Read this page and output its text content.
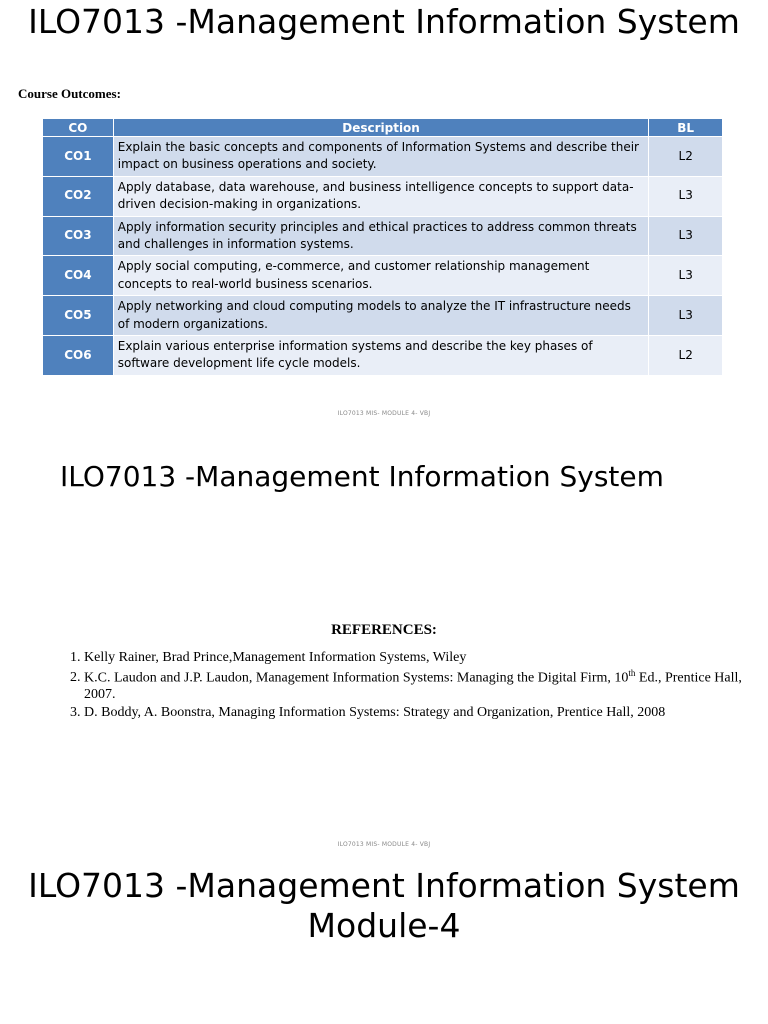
ILO7013 -Management Information System
Course Outcomes:
CO	Description	BL
CO1	Explain the basic concepts and components of Information Systems and describe their impact on business operations and society.	L2
CO2	Apply database, data warehouse, and business intelligence concepts to support data-driven decision-making in organizations.	L3
CO3	Apply information security principles and ethical practices to address common threats and challenges in information systems.	L3
CO4	Apply social computing, e-commerce, and customer relationship management concepts to real-world business scenarios.	L3
CO5	Apply networking and cloud computing models to analyze the IT infrastructure needs of modern organizations.	L3
CO6	Explain various enterprise information systems and describe the key phases of software development life cycle models.	L2
ILO7013 MIS- MODULE 4- VBJ
ILO7013 -Management Information System
REFERENCES:
1. Kelly Rainer, Brad Prince,Management Information Systems, Wiley
2. K.C. Laudon and J.P. Laudon, Management Information Systems: Managing the Digital Firm, 10th Ed., Prentice Hall, 2007.
3. D. Boddy, A. Boonstra, Managing Information Systems: Strategy and Organization, Prentice Hall, 2008
ILO7013 MIS- MODULE 4- VBJ
ILO7013 -Management Information System
Module-4
